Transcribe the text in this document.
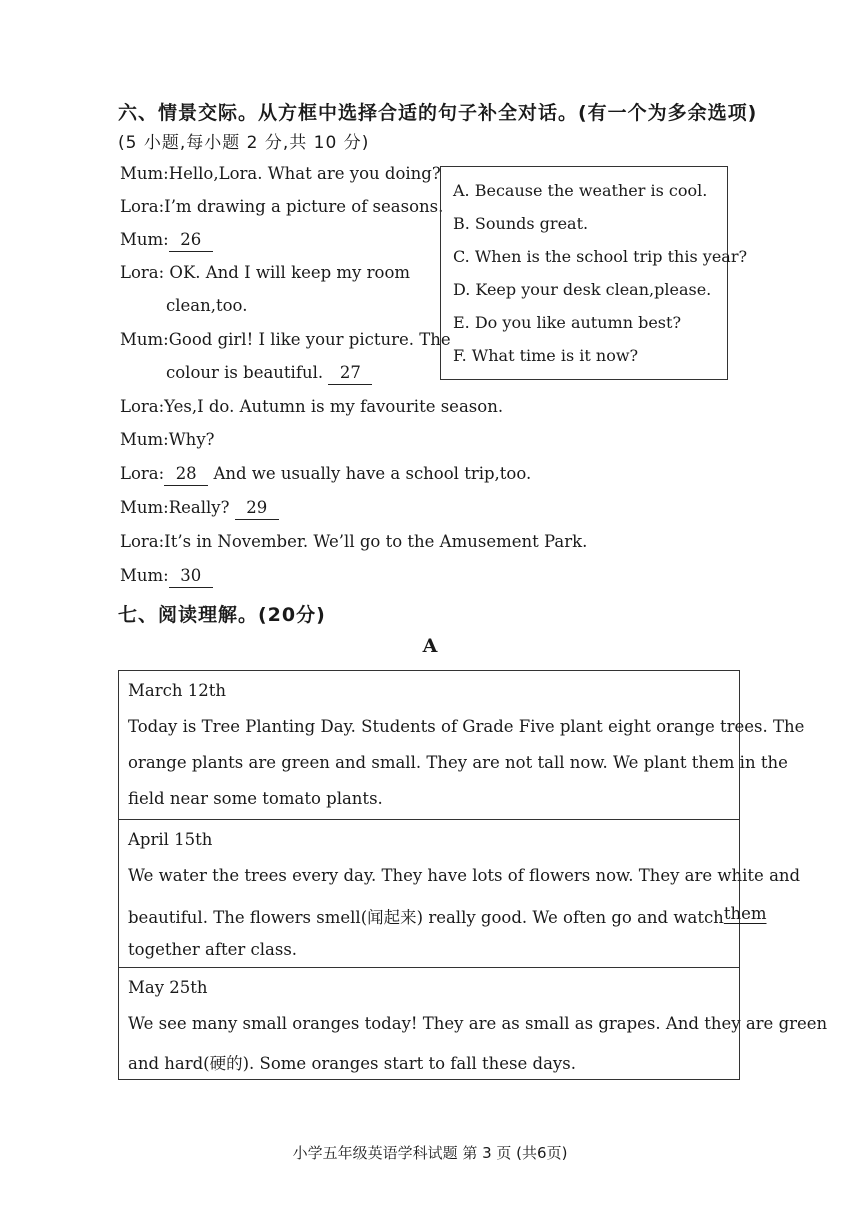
六、情景交际。从方框中选择合适的句子补全对话。(有一个为多余选项)
(5 小题,每小题 2 分,共 10 分)
Mum:Hello,Lora. What are you doing?
Lora:I’m drawing a picture of seasons.
Mum: 26
Lora: OK. And I will keep my room
clean,too.
Mum:Good girl! I like your picture. The
colour is beautiful. 27
Lora:Yes,I do. Autumn is my favourite season.
Mum:Why?
Lora: 28 And we usually have a school trip,too.
Mum:Really? 29
Lora:It’s in November. We’ll go to the Amusement Park.
Mum: 30
A. Because the weather is cool.
B. Sounds great.
C. When is the school trip this year?
D. Keep your desk clean,please.
E. Do you like autumn best?
F. What time is it now?
七、阅读理解。(20分)
A
March 12th
Today is Tree Planting Day. Students of Grade Five plant eight orange trees. The
orange plants are green and small. They are not tall now. We plant them in the
field near some tomato plants.
April 15th
We water the trees every day. They have lots of flowers now. They are white and
beautiful. The flowers smell(闻起来) really good. We often go and watch them
together after class.
May 25th
We see many small oranges today! They are as small as grapes. And they are green
and hard(硬的). Some oranges start to fall these days.
小学五年级英语学科试题 第 3 页 (共6页)
